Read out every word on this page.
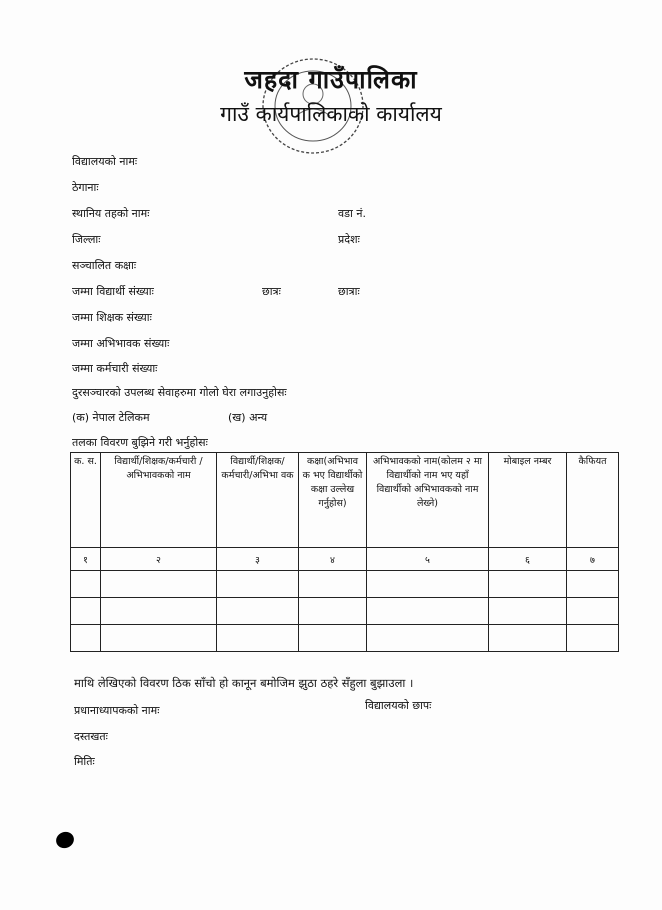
जहदा गाउँपालिका
गाउँ कार्यपालिकाको कार्यालय
विद्यालयको नामः
ठेगानाः
स्थानिय तहको नामः	वडा नं.
जिल्लाः	प्रदेशः
सञ्चालित कक्षाः
जम्मा विद्यार्थी संख्याः	छात्रः	छात्राः
जम्मा शिक्षक संख्याः
जम्मा अभिभावक संख्याः
जम्मा कर्मचारी संख्याः
दुरसञ्चारको उपलब्ध सेवाहरुमा गोलो घेरा लगाउनुहोसः
(क) नेपाल टेलिकम	(ख) अन्य
तलका विवरण बुझिने गरी भर्नुहोसः
क. स.	विद्यार्थी/शिक्षक/कर्मचारी /अभिभावकको नाम	विद्यार्थी/शिक्षक/ कर्मचारी/अभिभा वक	कक्षा(अभिभाव क भए विद्यार्थीको कक्षा उल्लेख गर्नुहोस)	अभिभावकको नाम(कोलम २ मा विद्यार्थीको नाम भए यहाँ विद्यार्थीको अभिभावकको नाम लेख्ने)	मोबाइल नम्बर	कैफियत
१	२	३	४	५	६	७

माथि लेखिएको विवरण ठिक साँचो हो कानून बमोजिम झुठा ठहरे सँहुला बुझाउला ।
प्रधानाध्यापकको नामः	विद्यालयको छापः
दस्तखतः
मितिः
